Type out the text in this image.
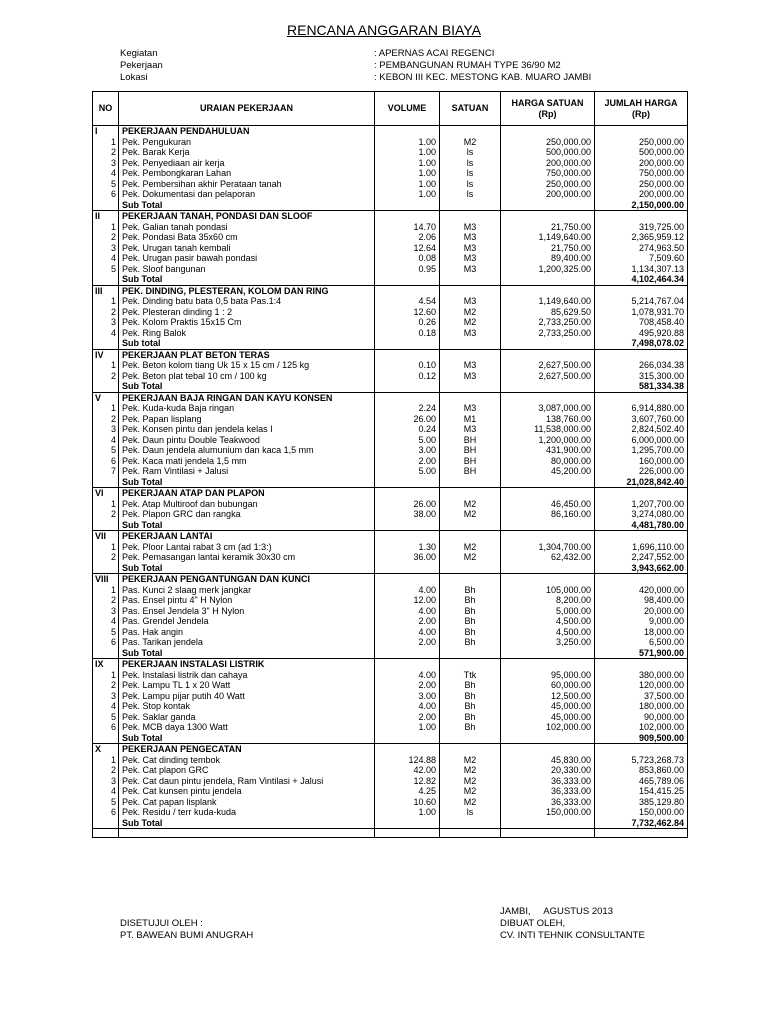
RENCANA ANGGARAN BIAYA
Kegiatan	: APERNAS ACAI REGENCI
Pekerjaan	: PEMBANGUNAN RUMAH TYPE 36/90 M2
Lokasi	: KEBON III KEC. MESTONG KAB. MUARO JAMBI
NO	URAIAN PEKERJAAN	VOLUME	SATUAN	HARGA SATUAN (Rp)	JUMLAH HARGA (Rp)
I	PEKERJAAN PENDAHULUAN				
1	Pek. Pengukuran	1.00	M2	250,000.00	250,000.00
2	Pek. Barak Kerja	1.00	ls	500,000.00	500,000.00
3	Pek. Penyediaan air kerja	1.00	ls	200,000.00	200,000.00
4	Pek. Pembongkaran Lahan	1.00	ls	750,000.00	750,000.00
5	Pek. Pembersihan akhir Perataan tanah	1.00	ls	250,000.00	250,000.00
6	Pek. Dokumentasi dan pelaporan	1.00	ls	200,000.00	200,000.00
	Sub Total				2,150,000.00
II	PEKERJAAN TANAH, PONDASI DAN SLOOF				
1	Pek. Galian tanah pondasi	14.70	M3	21,750.00	319,725.00
2	Pek. Pondasi Bata 35x60 cm	2.06	M3	1,149,640.00	2,365,959.12
3	Pek. Urugan tanah kembali	12.64	M3	21,750.00	274,963.50
4	Pek. Urugan pasir bawah pondasi	0.08	M3	89,400.00	7,509.60
5	Pek. Sloof bangunan	0.95	M3	1,200,325.00	1,134,307.13
	Sub Total				4,102,464.34
III	PEK. DINDING, PLESTERAN, KOLOM DAN RING				
1	Pek. Dinding batu bata 0,5 bata Pas.1:4	4.54	M3	1,149,640.00	5,214,767.04
2	Pek. Plesteran dinding 1 : 2	12.60	M2	85,629.50	1,078,931.70
3	Pek. Kolom Praktis 15x15 Cm	0.26	M2	2,733,250.00	708,458.40
4	Pek. Ring Balok	0.18	M3	2,733,250.00	495,920.88
	Sub total				7,498,078.02
IV	PEKERJAAN PLAT BETON TERAS				
1	Pek. Beton kolom tiang Uk 15 x 15 cm / 125 kg	0.10	M3	2,627,500.00	266,034.38
2	Pek. Beton plat tebal 10 cm / 100 kg	0.12	M3	2,627,500.00	315,300.00
	Sub Total				581,334.38
V	PEKERJAAN BAJA RINGAN DAN KAYU KONSEN				
1	Pek. Kuda-kuda Baja ringan	2.24	M3	3,087,000.00	6,914,880.00
2	Pek. Papan lisplang	26.00	M1	138,760.00	3,607,760.00
3	Pek. Konsen pintu dan jendela kelas I	0.24	M3	11,538,000.00	2,824,502.40
4	Pek. Daun pintu Double Teakwood	5.00	BH	1,200,000.00	6,000,000.00
5	Pek. Daun jendela alumunium dan kaca 1,5 mm	3.00	BH	431,900.00	1,295,700.00
6	Pek. Kaca mati jendela 1,5 mm	2.00	BH	80,000.00	160,000.00
7	Pek. Ram Vintilasi + Jalusi	5.00	BH	45,200.00	226,000.00
	Sub Total				21,028,842.40
VI	PEKERJAAN ATAP DAN PLAPON				
1	Pek. Atap Multiroof dan bubungan	26.00	M2	46,450.00	1,207,700.00
2	Pek. Plapon GRC dan rangka	38.00	M2	86,160.00	3,274,080.00
	Sub Total				4,481,780.00
VII	PEKERJAAN LANTAI				
1	Pek. Ploor Lantai rabat 3 cm (ad 1:3:)	1.30	M2	1,304,700.00	1,696,110.00
2	Pek. Pemasangan lantai keramik 30x30 cm	36.00	M2	62,432.00	2,247,552.00
	Sub Total				3,943,662.00
VIII	PEKERJAAN PENGANTUNGAN DAN KUNCI				
1	Pas. Kunci 2 slaag merk jangkar	4.00	Bh	105,000.00	420,000.00
2	Pas. Ensel pintu 4" H Nylon	12.00	Bh	8,200.00	98,400.00
3	Pas. Ensel Jendela 3" H Nylon	4.00	Bh	5,000.00	20,000.00
4	Pas. Grendel Jendela	2.00	Bh	4,500.00	9,000.00
5	Pas. Hak angin	4.00	Bh	4,500.00	18,000.00
6	Pas. Tarikan jendela	2.00	Bh	3,250.00	6,500.00
	Sub Total				571,900.00
IX	PEKERJAAN INSTALASI LISTRIK				
1	Pek. Instalasi listrik dan cahaya	4.00	Ttk	95,000.00	380,000.00
2	Pek. Lampu TL 1 x 20 Watt	2.00	Bh	60,000.00	120,000.00
3	Pek. Lampu pijar putih 40 Watt	3.00	Bh	12,500.00	37,500.00
4	Pek. Stop kontak	4.00	Bh	45,000.00	180,000.00
5	Pek. Saklar ganda	2.00	Bh	45,000.00	90,000.00
6	Pek. MCB daya 1300 Watt	1.00	Bh	102,000.00	102,000.00
	Sub Total				909,500.00
X	PEKERJAAN PENGECATAN				
1	Pek. Cat dinding tembok	124.88	M2	45,830.00	5,723,268.73
2	Pek. Cat plapon GRC	42.00	M2	20,330.00	853,860.00
3	Pek. Cat daun pintu jendela, Ram Vintilasi + Jalusi	12.82	M2	36,333.00	465,789.06
4	Pek. Cat kunsen pintu jendela	4.25	M2	36,333.00	154,415.25
5	Pek. Cat papan lisplank	10.60	M2	36,333.00	385,129.80
6	Pek. Residu / terr kuda-kuda	1.00	ls	150,000.00	150,000.00
	Sub Total				7,732,462.84

JAMBI,     AGUSTUS 2013
DIBUAT OLEH,
CV. INTI TEHNIK CONSULTANTE
DISETUJUI OLEH :
PT. BAWEAN BUMI ANUGRAH
